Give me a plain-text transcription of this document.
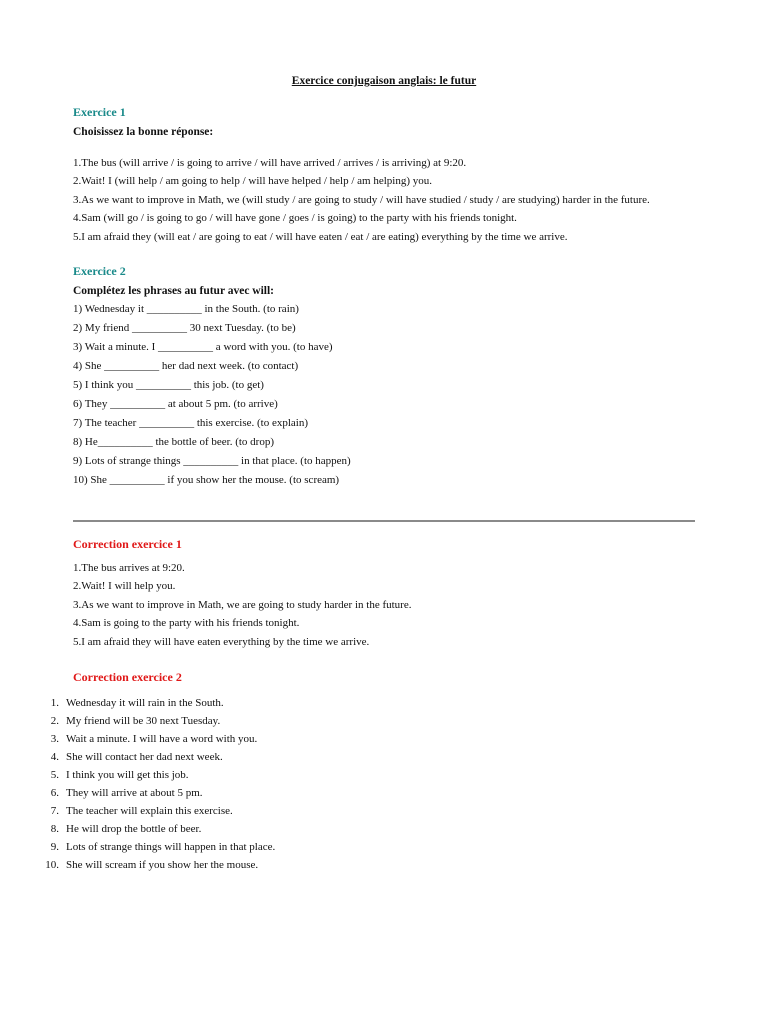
Exercice conjugaison anglais: le futur
Exercice 1
Choisissez la bonne réponse:
1.The bus (will arrive / is going to arrive / will have arrived / arrives / is arriving) at 9:20.
2.Wait! I (will help / am going to help / will have helped / help / am helping) you.
3.As we want to improve in Math, we (will study / are going to study / will have studied / study / are studying) harder in the future.
4.Sam (will go / is going to go / will have gone / goes / is going) to the party with his friends tonight.
5.I am afraid they (will eat / are going to eat / will have eaten / eat / are eating) everything by the time we arrive.
Exercice 2
Complétez les phrases au futur avec will:
1) Wednesday it __________ in the South. (to rain)
2) My friend __________ 30 next Tuesday. (to be)
3) Wait a minute. I __________ a word with you. (to have)
4) She __________ her dad next week. (to contact)
5) I think you __________ this job. (to get)
6) They __________ at about 5 pm. (to arrive)
7) The teacher __________ this exercise. (to explain)
8) He__________ the bottle of beer. (to drop)
9) Lots of strange things __________ in that place. (to happen)
10) She __________ if you show her the mouse. (to scream)
Correction exercice 1
1.The bus arrives at 9:20.
2.Wait! I will help you.
3.As we want to improve in Math, we are going to study harder in the future.
4.Sam is going to the party with his friends tonight.
5.I am afraid they will have eaten everything by the time we arrive.
Correction exercice 2
1. Wednesday it will rain in the South.
2. My friend will be 30 next Tuesday.
3. Wait a minute. I will have a word with you.
4. She will contact her dad next week.
5. I think you will get this job.
6. They will arrive at about 5 pm.
7. The teacher will explain this exercise.
8. He will drop the bottle of beer.
9. Lots of strange things will happen in that place.
10. She will scream if you show her the mouse.
